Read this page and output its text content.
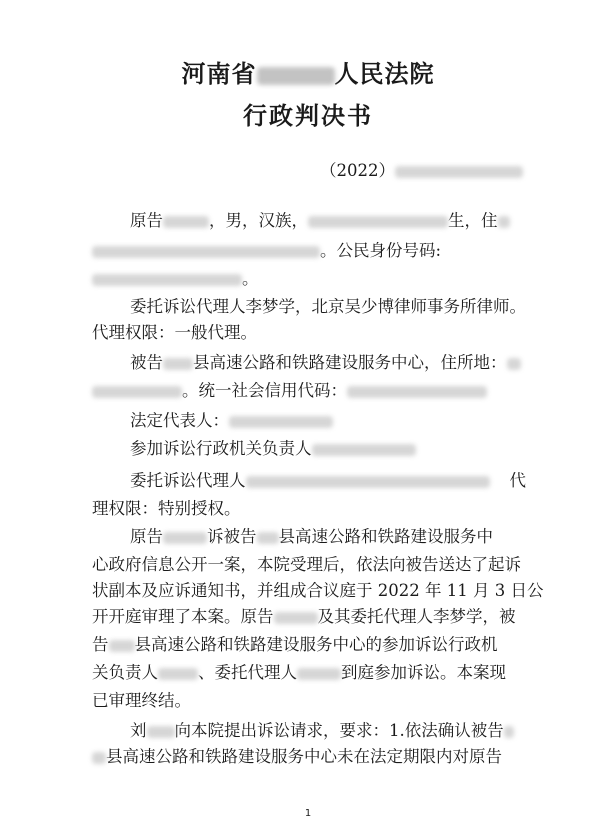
河南省	人民法院
行政判决书
（2022）
原告	，男，汉族，	生，住
。公民身份号码:
。
委托诉讼代理人李梦学，北京吴少博律师事务所律师。
代理权限：一般代理。
被告 县高速公路和铁路建设服务中心，住所地：
。统一社会信用代码：
法定代表人：
参加诉讼行政机关负责人
委托诉讼代理人	代
理权限：特别授权。
原告	诉被告 县高速公路和铁路建设服务中
心政府信息公开一案，本院受理后，依法向被告送达了起诉
状副本及应诉通知书，并组成合议庭于 2022 年 11 月 3 日公
开开庭审理了本案。原告	及其委托代理人李梦学，被
告 县高速公路和铁路建设服务中心的参加诉讼行政机
关负责人 、委托代理人	到庭参加诉讼。本案现
已审理终结。
刘 向本院提出诉讼请求，要求：1.依法确认被告
县高速公路和铁路建设服务中心未在法定期限内对原告
1
